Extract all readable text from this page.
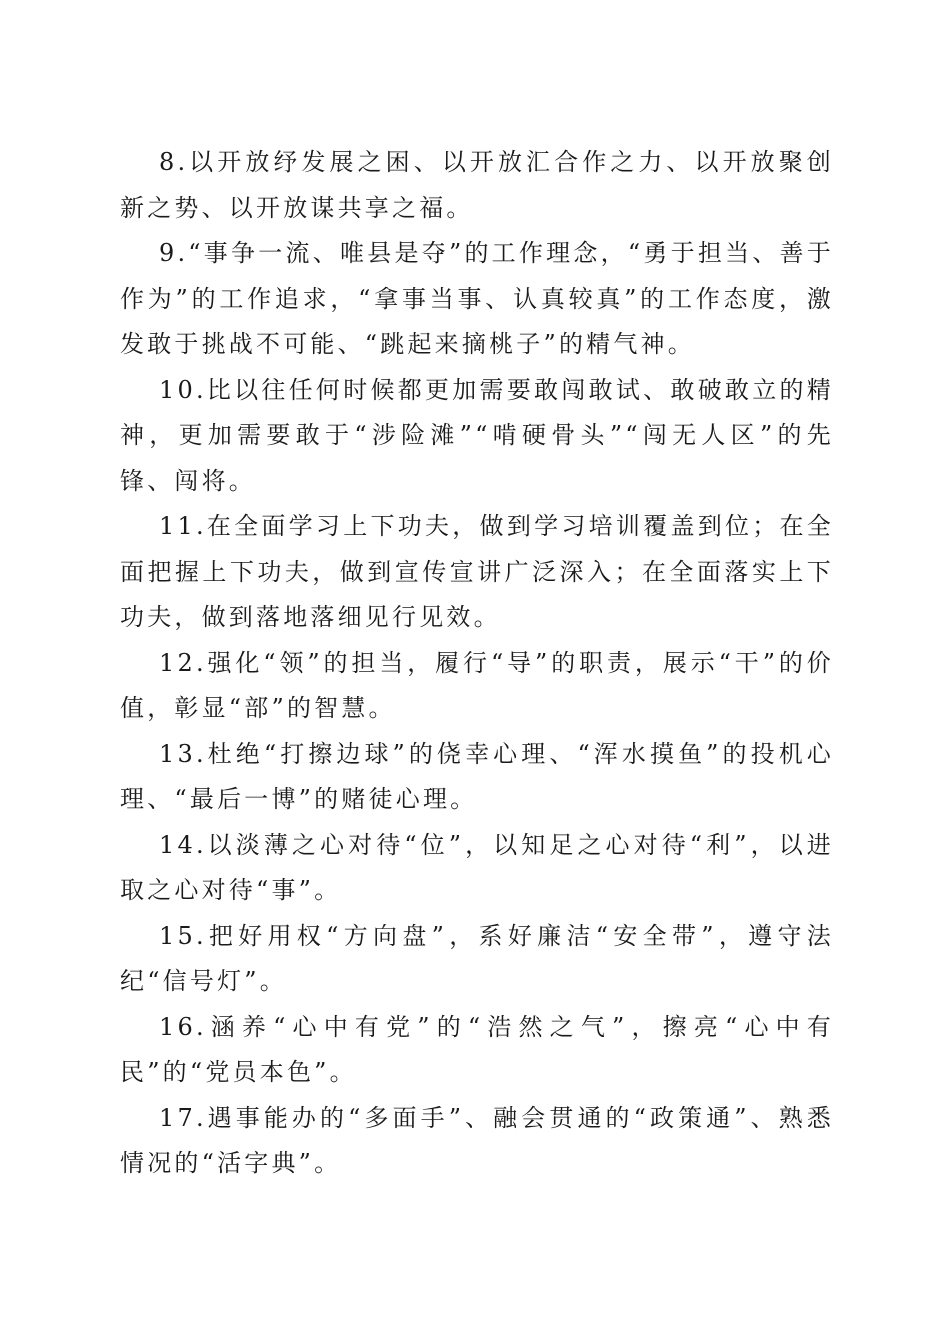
8.以开放纾发展之困、以开放汇合作之力、以开放聚创新之势、以开放谋共享之福。

9.“事争一流、唯县是夺”的工作理念，“勇于担当、善于作为”的工作追求，“拿事当事、认真较真”的工作态度，激发敢于挑战不可能、“跳起来摘桃子”的精气神。

10.比以往任何时候都更加需要敢闯敢试、敢破敢立的精神，更加需要敢于“涉险滩”“啃硬骨头”“闯无人区”的先锋、闯将。

11.在全面学习上下功夫，做到学习培训覆盖到位；在全面把握上下功夫，做到宣传宣讲广泛深入；在全面落实上下功夫，做到落地落细见行见效。

12.强化“领”的担当，履行“导”的职责，展示“干”的价值，彰显“部”的智慧。

13.杜绝“打擦边球”的侥幸心理、“浑水摸鱼”的投机心理、“最后一博”的赌徒心理。

14.以淡薄之心对待“位”，以知足之心对待“利”，以进取之心对待“事”。

15.把好用权“方向盘”，系好廉洁“安全带”，遵守法纪“信号灯”。

16.涵养“心中有党”的“浩然之气”，擦亮“心中有民”的“党员本色”。

17.遇事能办的“多面手”、融会贯通的“政策通”、熟悉情况的“活字典”。
